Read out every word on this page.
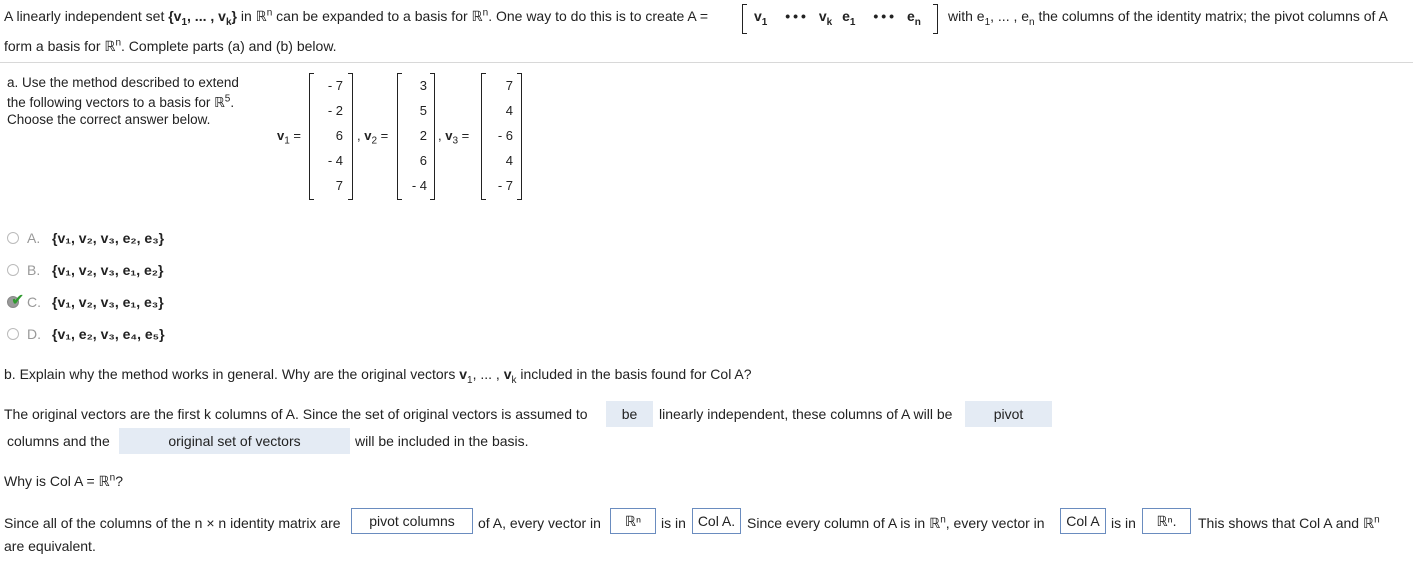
A linearly independent set {$v_1$, ... , $v_k$} in ℝ$^n$ can be expanded to a basis for ℝ$^n$. One way to do this is to create A =	$v_1$ ••• $v_k$ $e_1$ ••• $e_n$ with $e_1$, ... , $e_n$ the columns of the identity matrix; the pivot columns of A
form a basis for ℝ$^n$. Complete parts (a) and (b) below.
a. Use the method described to extend
the following vectors to a basis for ℝ$^5$.
Choose the correct answer below.
$v_1$ =
- 7
- 2
6
- 4
7
, $v_2$ =
3
5
2
6
- 4
, $v_3$ =
7
4
- 6
4
- 7
A. {v₁, v₂, v₃, e₂, e₃}
B. {v₁, v₂, v₃, e₁, e₂}
✔ C. {v₁, v₂, v₃, e₁, e₃}
D. {v₁, e₂, v₃, e₄, e₅}
b. Explain why the method works in general. Why are the original vectors $v_1$, ... , $v_k$ included in the basis found for Col A?
The original vectors are the first k columns of A. Since the set of original vectors is assumed to	be	linearly independent, these columns of A will be	pivot
columns and the	original set of vectors	will be included in the basis.
Why is Col A = ℝ$^n$?
Since all of the columns of the n × n identity matrix are	pivot columns	of A, every vector in	ℝⁿ	is in Col A. Since every column of A is in ℝ$^n$, every vector in	Col A is in	ℝⁿ.	This shows that Col A and ℝ$^n$
are equivalent.
